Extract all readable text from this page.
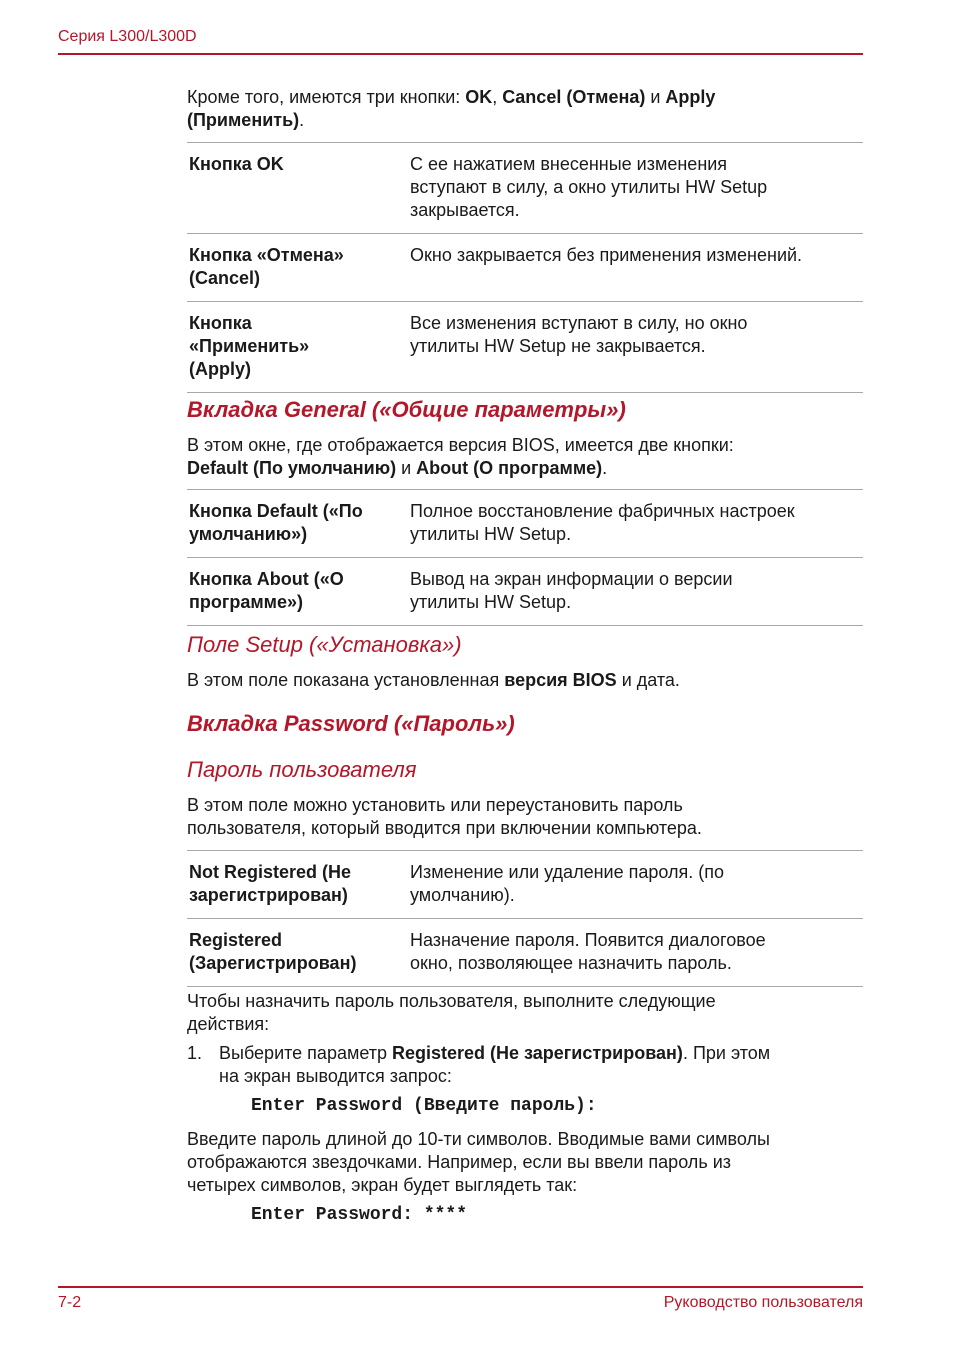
Серия L300/L300D
Кроме того, имеются три кнопки: OK, Cancel (Отмена) и Apply
(Применить).
Кнопка OK	С ее нажатием внесенные изменения
вступают в силу, а окно утилиты HW Setup
закрывается.
Кнопка «Отмена»
(Cancel)
Окно закрывается без применения изменений.
Кнопка
«Применить»
(Apply)
Все изменения вступают в силу, но окно
утилиты HW Setup не закрывается.
Вкладка General («Общие параметры»)
В этом окне, где отображается версия BIOS, имеется две кнопки:
Default (По умолчанию) и About (О программе).
Кнопка Default («По
умолчанию»)
Полное восстановление фабричных настроек
утилиты HW Setup.
Кнопка About («О
программе»)
Вывод на экран информации о версии
утилиты HW Setup.
Поле Setup («Установка»)
В этом поле показана установленная версия BIOS и дата.
Вкладка Password («Пароль»)
Пароль пользователя
В этом поле можно установить или переустановить пароль
пользователя, который вводится при включении компьютера.
Not Registered (Не
зарегистрирован)
Изменение или удаление пароля. (по
умолчанию).
Registered
(Зарегистрирован)
Назначение пароля. Появится диалоговое
окно, позволяющее назначить пароль.
Чтобы назначить пароль пользователя, выполните следующие
действия:
1. Выберите параметр Registered (Не зарегистрирован). При этом
на экран выводится запрос:
Enter Password (Введите пароль):
Введите пароль длиной до 10-ти символов. Вводимые вами символы
отображаются звездочками. Например, если вы ввели пароль из
четырех символов, экран будет выглядеть так:
Enter Password: ****
7-2	Руководство пользователя
